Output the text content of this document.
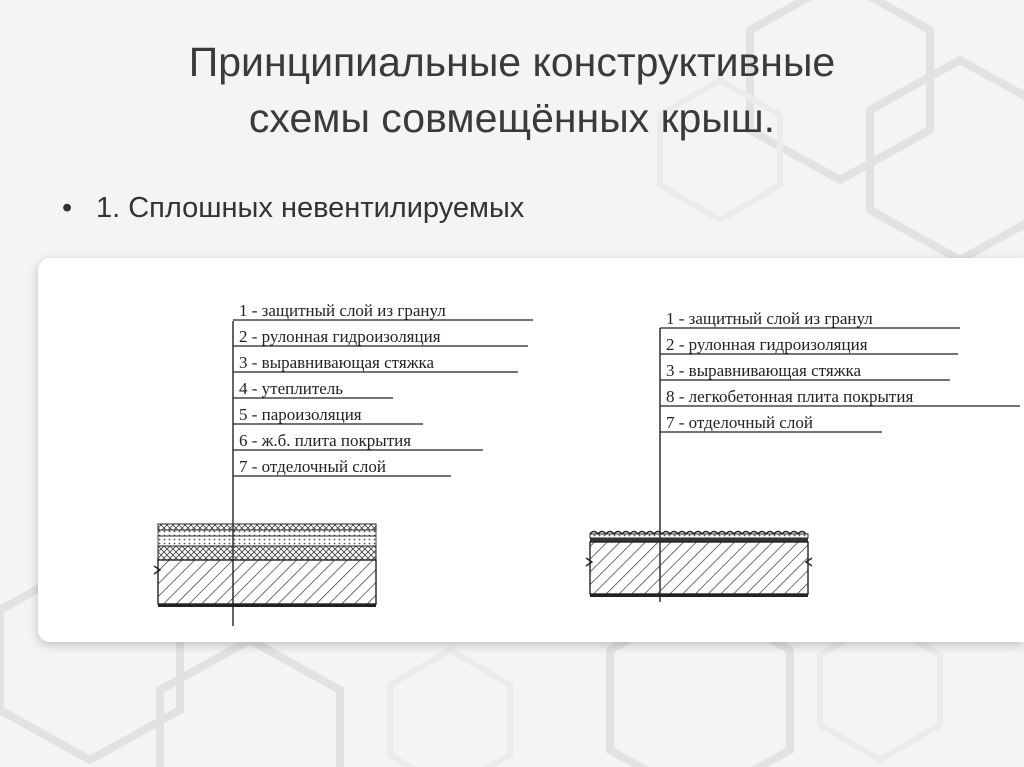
Принципиальные конструктивные
схемы совмещённых крыш.
• 1. Сплошных невентилируемых
1 - защитный слой из гранул
2 - рулонная гидроизоляция
3 - выравнивающая стяжка
4 - утеплитель
5 - пароизоляция
6 - ж.б. плита покрытия
7 - отделочный слой
1 - защитный слой из гранул
2 - рулонная гидроизоляция
3 - выравнивающая стяжка
8 - легкобетонная плита покрытия
7 - отделочный слой
